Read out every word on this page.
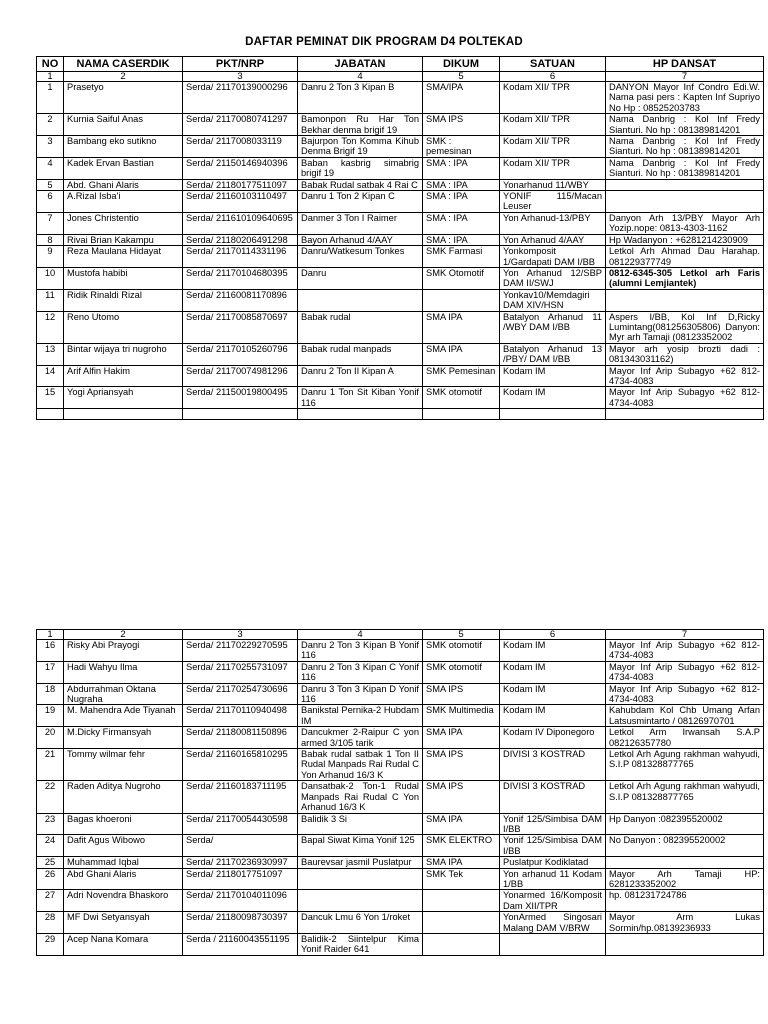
DAFTAR PEMINAT DIK PROGRAM D4 POLTEKAD
NO	NAMA CASERDIK	PKT/NRP	JABATAN	DIKUM	SATUAN	HP DANSAT
1	2	3	4	5	6	7
1	Prasetyo	Serda/ 21170139000296	Danru 2 Ton 3 Kipan B	SMA/IPA	Kodam XII/ TPR	DANYON Mayor Inf Condro Edi.W. Nama pasi pers : Kapten Inf Supriyo No Hp : 08525203783
2	Kurnia Saiful Anas	Serda/ 21170080741297	Bamonpon Ru Har Ton Bekhar denma brigif 19	SMA IPS	Kodam XII/ TPR	Nama Danbrig : Kol Inf Fredy Sianturi. No hp : 081389814201
3	Bambang eko sutikno	Serda/ 2117008033119	Bajurpon Ton Komma Kihub Denma Brigif 19	SMK : pemesinan	Kodam XII/ TPR	Nama Danbrig : Kol Inf Fredy Sianturi. No hp : 081389814201
4	Kadek Ervan Bastian	Serda/ 21150146940396	Baban kasbrig simabrig brigif 19	SMA : IPA	Kodam XII/ TPR	Nama Danbrig : Kol Inf Fredy Sianturi. No hp : 081389814201
5	Abd. Ghani Alaris	Serda/ 21180177511097	Babak Rudal satbak 4 Rai C	SMA : IPA	Yonarhanud 11/WBY	
6	A.Rizal Isba'i	Serda/ 21160103110497	Danru 1 Ton 2 Kipan C	SMA : IPA	YONIF 115/Macan Leuser	
7	Jones Christentio	Serda/ 211610109640695	Danmer 3 Ton I Raimer	SMA : IPA	Yon Arhanud-13/PBY	Danyon Arh 13/PBY Mayor Arh Yozip.nope: 0813-4303-1162
8	Rivai Brian Kakampu	Serda/ 21180206491298	Bayon Arhanud 4/AAY	SMA : IPA	Yon Arhanud 4/AAY	Hp Wadanyon : +6281214230909
9	Reza Maulana Hidayat	Serda/ 21170114331196	Danru/Watkesum Tonkes	SMK Farmasi	Yonkomposit 1/Gardapati DAM I/BB	Letkol Arh Ahmad Dau Harahap. 081229377749
10	Mustofa habibi	Serda/ 21170104680395	Danru	SMK Otomotif	Yon Arhanud 12/SBP DAM II/SWJ	0812-6345-305 Letkol arh Faris (alumni Lemjiantek)
11	Ridik Rinaldi Rizal	Serda/ 21160081170896			Yonkav10/Memdagiri DAM XIV/HSN	
12	Reno Utomo	Serda/ 21170085870697	Babak rudal	SMA IPA	Batalyon Arhanud 11 /WBY DAM I/BB	Aspers I/BB, Kol Inf D,Ricky Lumintang(081256305806) Danyon: Myr arh Tamaji (08123352002
13	Bintar wijaya tri nugroho	Serda/ 21170105260796	Babak rudal manpads	SMA IPA	Batalyon Arhanud 13 /PBY/ DAM I/BB	Mayor arh yosip brozti dadi : 081343031162)
14	Arif Alfin Hakim	Serda/ 21170074981296	Danru 2 Ton II Kipan A	SMK Pemesinan	Kodam IM	Mayor Inf Arip Subagyo +62 812-4734-4083
15	Yogi Apriansyah	Serda/ 21150019800495	Danru 1 Ton Sit Kiban Yonif 116	SMK otomotif	Kodam IM	Mayor Inf Arip Subagyo +62 812-4734-4083

1	2	3	4	5	6	7
16	Risky Abi Prayogi	Serda/ 21170229270595	Danru 2 Ton 3 Kipan B Yonif 116	SMK otomotif	Kodam IM	Mayor Inf Arip Subagyo +62 812-4734-4083
17	Hadi Wahyu Ilma	Serda/ 21170255731097	Danru 2 Ton 3 Kipan C Yonif 116	SMK otomotif	Kodam IM	Mayor Inf Arip Subagyo +62 812-4734-4083
18	Abdurrahman Oktana Nugraha	Serda/ 21170254730696	Danru 3 Ton 3 Kipan D Yonif 116	SMA IPS	Kodam IM	Mayor Inf Arip Subagyo +62 812-4734-4083
19	M. Mahendra Ade Tiyanah	Serda/ 21170110940498	Banikstal Pernika-2 Hubdam IM	SMK Multimedia	Kodam IM	Kahubdam Kol Chb Umang Arfan Latsusmintarto / 08126970701
20	M.Dicky Firmansyah	Serda/ 21180081150896	Dancukmer 2-Raipur C yon armed 3/105 tarik	SMA IPA	Kodam IV Diponegoro	Letkol Arm Irwansah S.A.P 082126357780
21	Tommy wilmar fehr	Serda/ 21160165810295	Babak rudal satbak 1 Ton II Rudal Manpads Rai Rudal C Yon Arhanud 16/3 K	SMA IPS	DIVISI 3 KOSTRAD	Letkol Arh Agung rakhman wahyudi, S.I.P 081328877765
22	Raden Aditya Nugroho	Serda/ 21160183711195	Dansatbak-2 Ton-1 Rudal Manpads Rai Rudal C Yon Arhanud 16/3 K	SMA IPS	DIVISI 3 KOSTRAD	Letkol Arh Agung rakhman wahyudi, S.I.P 081328877765
23	Bagas khoeroni	Serda/ 21170054430598	Balidik 3 Si	SMA IPA	Yonif 125/Simbisa DAM I/BB	Hp Danyon :082395520002
24	Dafit Agus Wibowo	Serda/	Bapal Siwat Kima Yonif 125	SMK ELEKTRO	Yonif 125/Simbisa DAM I/BB	No Danyon : 082395520002
25	Muhammad Iqbal	Serda/ 21170236930997	Baurevsar jasmil Puslatpur	SMA IPA	Puslatpur Kodiklatad	
26	Abd Ghani Alaris	Serda/ 2118017751097		SMK Tek	Yon arhanud 11 Kodam 1/BB	Mayor Arh Tamaji HP: 6281233352002
27	Adri Novendra Bhaskoro	Serda/ 21170104011096			Yonarmed 16/Komposit Dam XII/TPR	hp. 081231724786
28	MF Dwi Setyansyah	Serda/ 21180098730397	Dancuk Lmu 6 Yon 1/roket		YonArmed Singosari Malang DAM V/BRW	Mayor Arm Lukas Sormin/hp.08139236933
29	Acep Nana Komara	Serda / 21160043551195	Balidik-2 Siintelpur Kima Yonif Raider 641			
